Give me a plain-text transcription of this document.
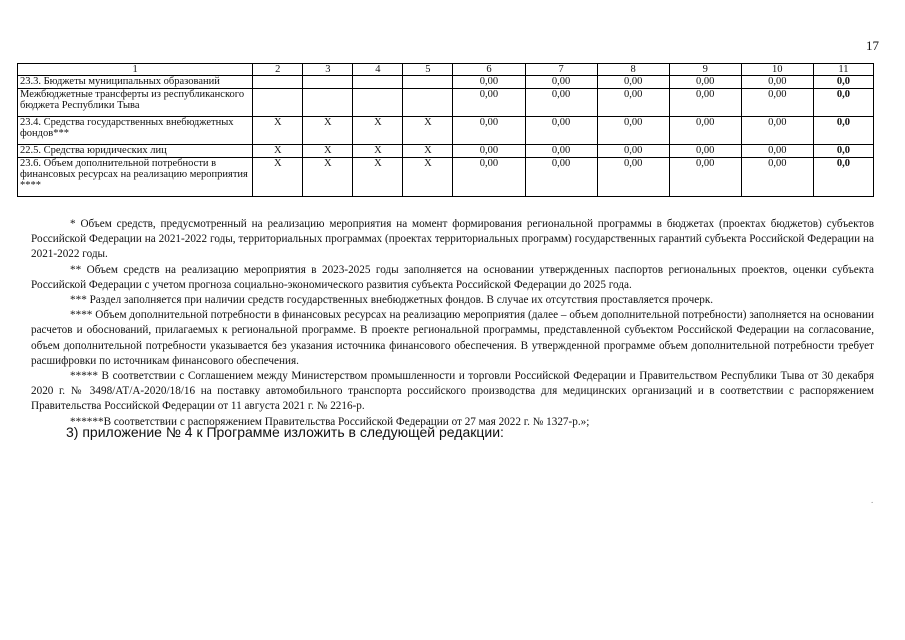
17
1	2	3	4	5	6	7	8	9	10	11
23.3. Бюджеты муниципальных образований					0,00	0,00	0,00	0,00	0,00	0,0
Межбюджетные трансферты из республиканского бюджета Республики Тыва					0,00	0,00	0,00	0,00	0,00	0,0
23.4. Средства государственных внебюджетных фондов***	X	X	X	X	0,00	0,00	0,00	0,00	0,00	0,0
22.5. Средства юридических лиц	X	X	X	X	0,00	0,00	0,00	0,00	0,00	0,0
23.6. Объем дополнительной потребности в финансовых ресурсах на реализацию мероприятия ****	X	X	X	X	0,00	0,00	0,00	0,00	0,00	0,0

* Объем средств, предусмотренный на реализацию мероприятия на момент формирования региональной программы в бюджетах (проектах бюджетов) субъектов Российской Федерации на 2021-2022 годы, территориальных программах (проектах территориальных программ) государственных гарантий субъекта Российской Федерации на 2021-2022 годы.

** Объем средств на реализацию мероприятия в 2023-2025 годы заполняется на основании утвержденных паспортов региональных проектов, оценки субъекта Российской Федерации с учетом прогноза социально-экономического развития субъекта Российской Федерации до 2025 года.

*** Раздел заполняется при наличии средств государственных внебюджетных фондов. В случае их отсутствия проставляется прочерк.

**** Объем дополнительной потребности в финансовых ресурсах на реализацию мероприятия (далее – объем дополнительной потребности) заполняется на основании расчетов и обоснований, прилагаемых к региональной программе. В проекте региональной программы, представленной субъектом Российской Федерации на согласование, объем дополнительной потребности указывается без указания источника финансового обеспечения. В утвержденной программе объем дополнительной потребности требует расшифровки по источникам финансового обеспечения.

***** В соответствии с Соглашением между Министерством промышленности и торговли Российской Федерации и Правительством Республики Тыва от 30 декабря 2020 г. № 3498/АТ/А-2020/18/16 на поставку автомобильного транспорта российского производства для медицинских организаций и в соответствии с распоряжением Правительства Российской Федерации от 11 августа 2021 г. № 2216-р.

******В соответствии с распоряжением Правительства Российской Федерации от 27 мая 2022 г. № 1327-р.»;

3) приложение № 4 к Программе изложить в следующей редакции:
.
